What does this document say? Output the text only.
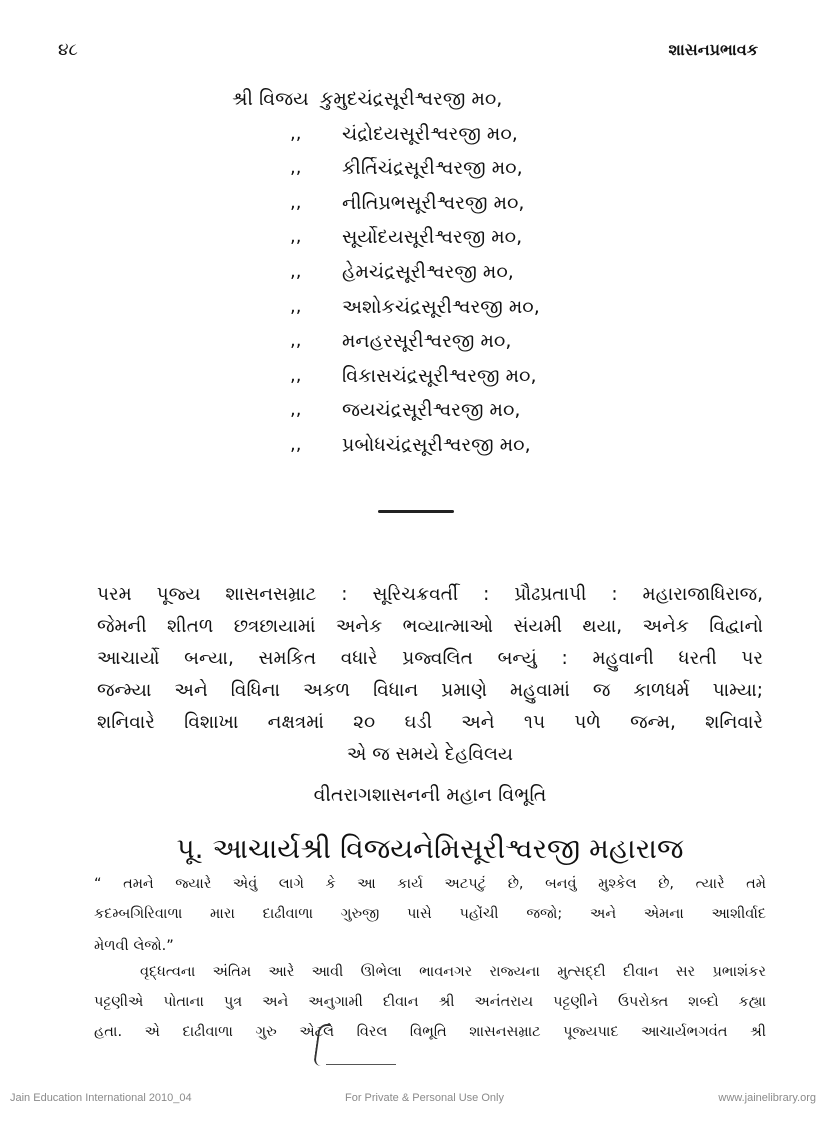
૪૮	શાસનપ્રભાવક
શ્રી વિજય કુમુદચંદ્રસૂરીશ્વરજી મ૦,
,, ચંદ્રોદયસૂરીશ્વરજી મ૦,
,, કીર્તિચંદ્રસૂરીશ્વરજી મ૦,
,, નીતિપ્રભસૂરીશ્વરજી મ૦,
,, સૂર્યોદયસૂરીશ્વરજી મ૦,
,, હેમચંદ્રસૂરીશ્વરજી મ૦,
,, અશોકચંદ્રસૂરીશ્વરજી મ૦,
,, મનહરસૂરીશ્વરજી મ૦,
,, વિકાસચંદ્રસૂરીશ્વરજી મ૦,
,, જયચંદ્રસૂરીશ્વરજી મ૦,
,, પ્રબોધચંદ્રસૂરીશ્વરજી મ૦,
પરમ પૂજ્ય શાસનસમ્રાટ : સૂરિચક્રવર્તી : પ્રૌઢપ્રતાપી : મહારાજાધિરાજ,
જેમની શીતળ છત્રછાયામાં અનેક ભવ્યાત્માઓ સંયમી થયા, અનેક વિદ્વાનો
આચાર્યો બન્યા, સમકિત વધારે પ્રજ્વલિત બન્યું : મહુવાની ધરતી પર
જન્મ્યા અને વિધિના અકળ વિધાન પ્રમાણે મહુવામાં જ કાળધર્મ પામ્યા;
શનિવારે વિશાખા નક્ષત્રમાં ૨૦ ઘડી અને ૧૫ પળે જન્મ, શનિવારે
એ જ સમયે દેહવિલય
વીતરાગશાસનની મહાન વિભૂતિ
પૂ. આચાર્યશ્રી વિજયનેમિસૂરીશ્વરજી મહારાજ
“ તમને જ્યારે એવું લાગે કે આ કાર્ય અટપટું છે, બનવું મુશ્કેલ છે, ત્યારે તમે
કદમ્બગિરિવાળા મારા દાઢીવાળા ગુરુજી પાસે પહોંચી જજો; અને એમના આશીર્વાદ
મેળવી લેજો.”
વૃદ્ધત્વના અંતિમ આરે આવી ઊભેલા ભાવનગર રાજ્યના મુત્સદ્દી દીવાન સર પ્રભાશંકર
પટ્ટણીએ પોતાના પુત્ર અને અનુગામી દીવાન શ્રી અનંતરાય પટ્ટણીને ઉપરોક્ત શબ્દો કહ્યા
હતા. એ દાઢીવાળા ગુરુ એટલે વિરલ વિભૂતિ શાસનસમ્રાટ પૂજ્યપાદ આચાર્યભગવંત શ્રી
Jain Education International 2010_04	For Private & Personal Use Only	www.jainelibrary.org
